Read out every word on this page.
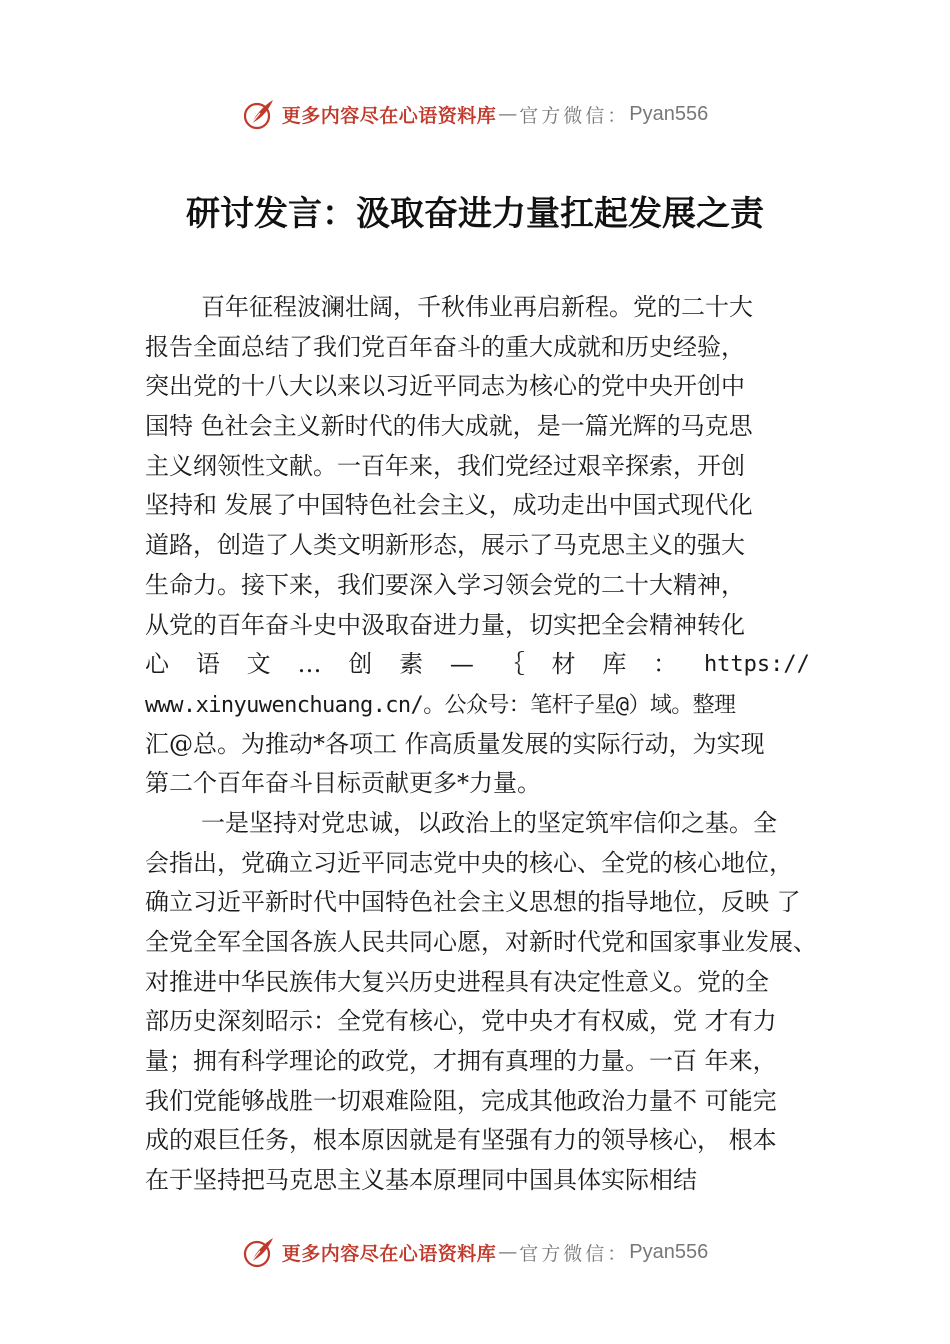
更多内容尽在心语资料库 — 官方微信： Pyan556
研讨发言：汲取奋进力量扛起发展之责
百年征程波澜壮阔，千秋伟业再启新程。党的二十大
报告全面总结了我们党百年奋斗的重大成就和历史经验，
突出党的十八大以来以习近平同志为核心的党中央开创中
国特 色社会主义新时代的伟大成就，是一篇光辉的马克思
主义纲领性文献。一百年来，我们党经过艰辛探索，开创
坚持和 发展了中国特色社会主义，成功走出中国式现代化
道路，创造了人类文明新形态，展示了马克思主义的强大
生命力。接下来，我们要深入学习领会党的二十大精神，
从党的百年奋斗史中汲取奋进力量，切实把全会精神转化
心 语 文 … 创 素 — ｛ 材 库 ： https://
www.xinyuwenchuang.cn/。公众号：笔杆子星@）域。整理
汇@总。为推动*各项工 作高质量发展的实际行动，为实现
第二个百年奋斗目标贡献更多*力量。
一是坚持对党忠诚，以政治上的坚定筑牢信仰之基。全
会指出，党确立习近平同志党中央的核心、全党的核心地位，
确立习近平新时代中国特色社会主义思想的指导地位，反映 了
全党全军全国各族人民共同心愿，对新时代党和国家事业发展、
对推进中华民族伟大复兴历史进程具有决定性意义。党的全
部历史深刻昭示：全党有核心，党中央才有权威，党 才有力
量；拥有科学理论的政党，才拥有真理的力量。一百 年来，
我们党能够战胜一切艰难险阻，完成其他政治力量不 可能完
成的艰巨任务，根本原因就是有坚强有力的领导核心， 根本
在于坚持把马克思主义基本原理同中国具体实际相结
更多内容尽在心语资料库 — 官方微信： Pyan556
